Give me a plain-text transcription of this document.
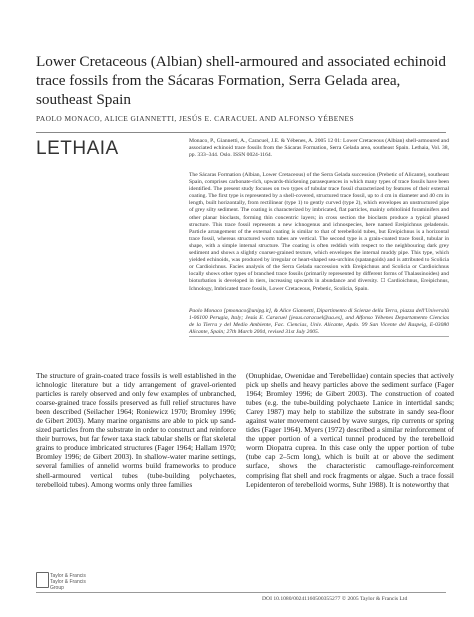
Lower Cretaceous (Albian) shell-armoured and associated echinoid trace fossils from the Sácaras Formation, Serra Gelada area, southeast Spain
PAOLO MONACO, ALICE GIANNETTI, JESÚS E. CARACUEL AND ALFONSO YÉBENES
LETHAIA	Monaco, P., Giannetti, A., Caracuel, J.E. & Yébenes, A. 2005 12 01: Lower Cretaceous (Albian) shell-armoured and associated echinoid trace fossils from the Sácaras Formation, Serra Gelada area, southeast Spain. Lethaia, Vol. 38, pp. 333–344. Oslo. ISSN 0024-1164.
The Sácaras Formation (Albian, Lower Cretaceous) of the Serra Gelada succession (Prebetic of Alicante), southeast Spain, comprises carbonate-rich, upwards-thickening parasequences in which many types of trace fossils have been identified. The present study focuses on two types of tubular trace fossil characterized by features of their external coating. The first type is represented by a shell-covered, structured trace fossil, up to 4 cm in diameter and 40 cm in length, built horizontally, from rectilinear (type 1) to gently curved (type 2), which envelopes an unstructured pipe of grey silty sediment. The coating is characterized by imbricated, flat particles, mainly orbitolinid foraminifers and other planar bioclasts, forming thin concentric layers; in cross section the bioclasts produce a typical phased structure. This trace fossil represents a new ichnogenus and ichnospecies, here named Ereipichnus geladensis. Particle arrangement of the external coating is similar to that of terebelloid tubes, but Ereipichnus is a horizontal trace fossil, whereas structured worm tubes are vertical. The second type is a grain-coated trace fossil, tubular in shape, with a simple internal structure. The coating is often reddish with respect to the neighbouring dark grey sediment and shows a slightly coarser-grained texture, which envelopes the internal muddy pipe. This type, which yielded echinoids, was produced by irregular or heart-shaped sea-urchins (spatangoids) and is attributed to Scolicia or Cardioichnus. Facies analysis of the Serra Gelada succession with Ereipichnus and Scolicia or Cardioichnus locally shows other types of branched trace fossils (primarily represented by different forms of Thalassinoides) and bioturbation is developed in tiers, increasing upwards in abundance and diversity. ☐ Cardioichnus, Ereipichnus, Ichnology, Imbricated trace fossils, Lower Cretaceous, Prebetic, Scolicia, Spain.
Paolo Monaco [pmonaco@unipg.it], & Alice Giannetti, Dipartimento di Scienze della Terra, piazza dell'Università 1-06100 Perugia, Italy; Jesús E. Caracuel [jesus.caracuel@ua.es], and Alfonso Yébenes Departamento Ciencias de la Tierra y del Medio Ambiente, Fac. Ciencias, Univ. Alicante, Apdo. 99 San Vicente del Raspeig, E-03080 Alicante, Spain; 27th March 2004, revised 31st July 2005.
The structure of grain-coated trace fossils is well established in the ichnologic literature but a tidy arrangement of gravel-oriented particles is rarely observed and only few examples of unbranched, coarse-grained trace fossils preserved as full relief structures have been described (Seilacher 1964; Roniewicz 1970; Bromley 1996; de Gibert 2003). Many marine organisms are able to pick up sand-sized particles from the substrate in order to construct and reinforce their burrows, but far fewer taxa stack tabular shells or flat skeletal grains to produce imbricated structures (Fager 1964; Hallam 1970; Bromley 1996; de Gibert 2003). In shallow-water marine settings, several families of annelid worms build frameworks to produce shell-armoured vertical tubes (tube-building polychaetes, terebelloid tubes). Among worms only three families
(Onuphidae, Owenidae and Terebellidae) contain species that actively pick up shells and heavy particles above the sediment surface (Fager 1964; Bromley 1996; de Gibert 2003). The construction of coated tubes (e.g. the tube-building polychaete Lanice in intertidal sands; Carey 1987) may help to stabilize the substrate in sandy sea-floor against water movement caused by wave surges, rip currents or spring tides (Fager 1964). Myers (1972) described a similar reinforcement of the upper portion of a vertical tunnel produced by the terebelloid worm Diopatra cuprea. In this case only the upper portion of tube (tube cap 2–5cm long), which is built at or above the sediment surface, shows the characteristic camouflage-reinforcement comprising flat shell and rock fragments or algae. Such a trace fossil Lepidenteron of terebelloid worms, Suhr 1988). It is noteworthy that
Taylor & Francis
Taylor & Francis Group
DOI 10.1080/00241160500355277 © 2005 Taylor & Francis Ltd
